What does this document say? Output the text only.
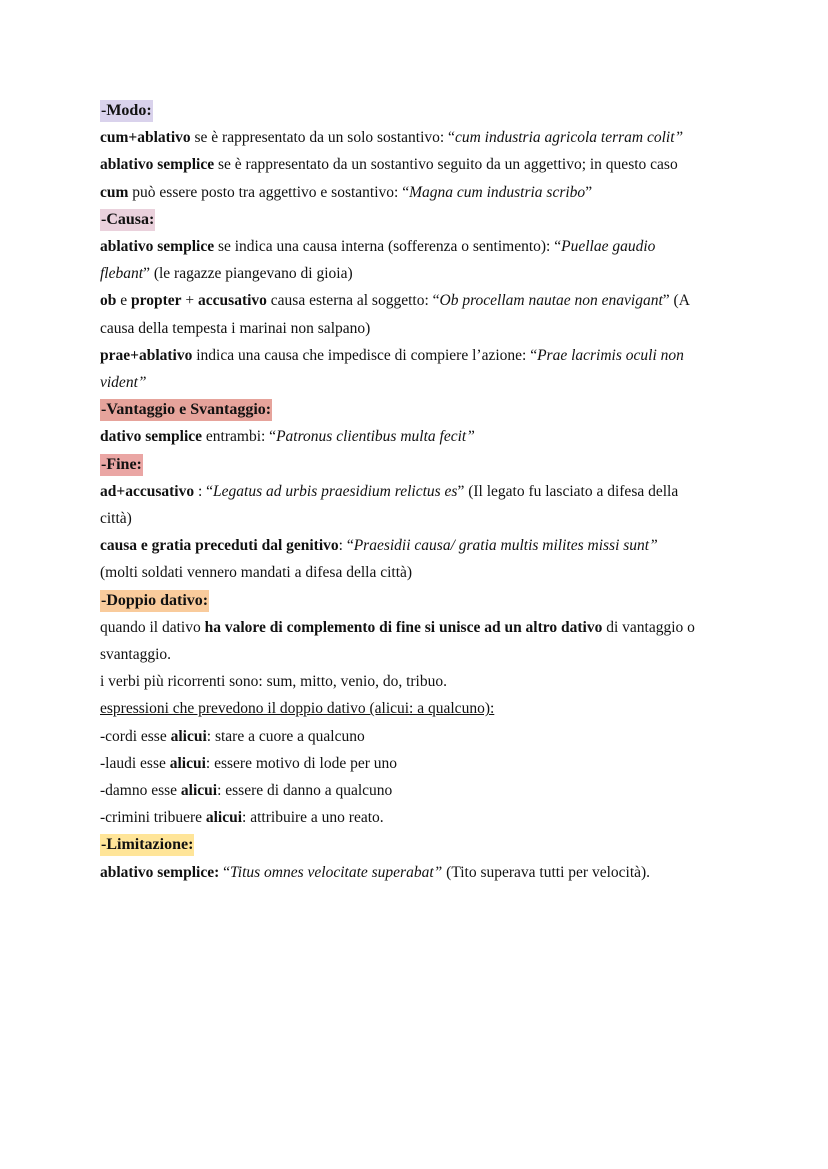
-Modo:
cum+ablativo se è rappresentato da un solo sostantivo: “cum industria agricola terram colit”
ablativo semplice se è rappresentato da un sostantivo seguito da un aggettivo; in questo caso
cum può essere posto tra aggettivo e sostantivo: “Magna cum industria scribo”
-Causa:
ablativo semplice se indica una causa interna (sofferenza o sentimento): “Puellae gaudio
flebant” (le ragazze piangevano di gioia)
ob e propter + accusativo causa esterna al soggetto: “Ob procellam nautae non enavigant” (A
causa della tempesta i marinai non salpano)
prae+ablativo indica una causa che impedisce di compiere l’azione: “Prae lacrimis oculi non
vident”
-Vantaggio e Svantaggio:
dativo semplice entrambi: “Patronus clientibus multa fecit”
-Fine:
ad+accusativo : “Legatus ad urbis praesidium relictus es” (Il legato fu lasciato a difesa della
città)
causa e gratia preceduti dal genitivo: “Praesidii causa/ gratia multis milites missi sunt”
(molti soldati vennero mandati a difesa della città)
-Doppio dativo:
quando il dativo ha valore di complemento di fine si unisce ad un altro dativo di vantaggio o
svantaggio.
i verbi più ricorrenti sono: sum, mitto, venio, do, tribuo.
espressioni che prevedono il doppio dativo (alicui: a qualcuno):
-cordi esse alicui: stare a cuore a qualcuno
-laudi esse alicui: essere motivo di lode per uno
-damno esse alicui: essere di danno a qualcuno
-crimini tribuere alicui: attribuire a uno reato.
-Limitazione:
ablativo semplice: “Titus omnes velocitate superabat” (Tito superava tutti per velocità).
